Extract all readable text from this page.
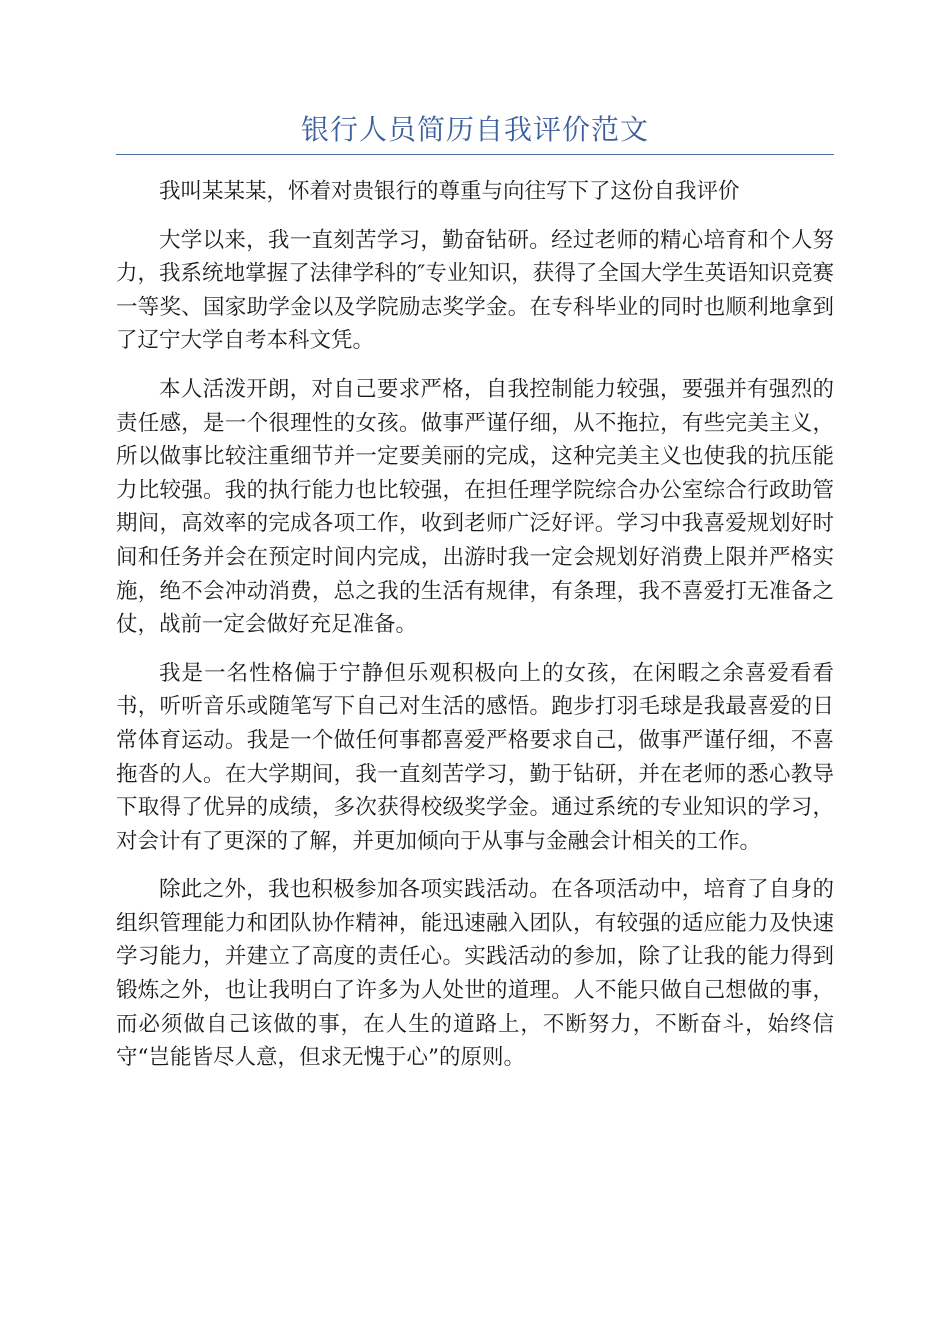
银行人员简历自我评价范文

我叫某某某，怀着对贵银行的尊重与向往写下了这份自我评价

大学以来，我一直刻苦学习，勤奋钻研。经过老师的精心培育和个人努力，我系统地掌握了法律学科的″专业知识，获得了全国大学生英语知识竞赛一等奖、国家助学金以及学院励志奖学金。在专科毕业的同时也顺利地拿到了辽宁大学自考本科文凭。

本人活泼开朗，对自己要求严格，自我控制能力较强，要强并有强烈的责任感，是一个很理性的女孩。做事严谨仔细，从不拖拉，有些完美主义，所以做事比较注重细节并一定要美丽的完成，这种完美主义也使我的抗压能力比较强。我的执行能力也比较强，在担任理学院综合办公室综合行政助管期间，高效率的完成各项工作，收到老师广泛好评。学习中我喜爱规划好时间和任务并会在预定时间内完成，出游时我一定会规划好消费上限并严格实施，绝不会冲动消费，总之我的生活有规律，有条理，我不喜爱打无准备之仗，战前一定会做好充足准备。

我是一名性格偏于宁静但乐观积极向上的女孩，在闲暇之余喜爱看看书，听听音乐或随笔写下自己对生活的感悟。跑步打羽毛球是我最喜爱的日常体育运动。我是一个做任何事都喜爱严格要求自己，做事严谨仔细，不喜拖沓的人。在大学期间，我一直刻苦学习，勤于钻研，并在老师的悉心教导下取得了优异的成绩，多次获得校级奖学金。通过系统的专业知识的学习，对会计有了更深的了解，并更加倾向于从事与金融会计相关的工作。

除此之外，我也积极参加各项实践活动。在各项活动中，培育了自身的组织管理能力和团队协作精神，能迅速融入团队，有较强的适应能力及快速学习能力，并建立了高度的责任心。实践活动的参加，除了让我的能力得到锻炼之外，也让我明白了许多为人处世的道理。人不能只做自己想做的事，而必须做自己该做的事，在人生的道路上，不断努力，不断奋斗，始终信守“岂能皆尽人意，但求无愧于心”的原则。
